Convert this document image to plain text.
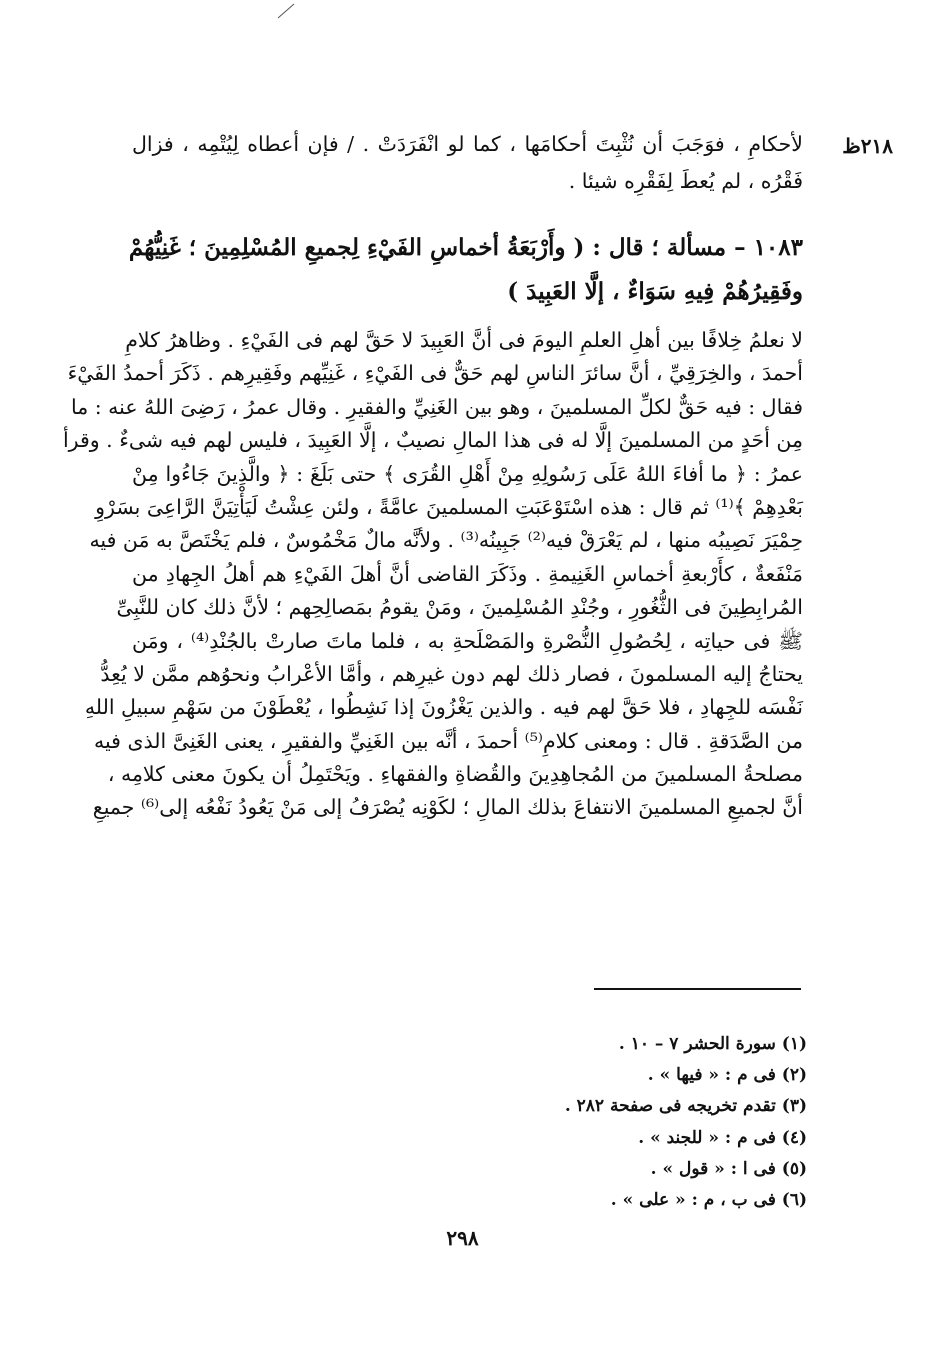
٢١٨ظ
لأحكامِ ، فوَجَبَ أن نُثْبِتَ أحكامَها ، كما لو انْفَرَدَتْ . / فإن أعطاه لِيُتْمِه ، فزال
فَقْرُه ، لم يُعطَ لِفَقْرِه شيئا .
١٠٨٣ – مسألة ؛ قال : ( وأَرْبَعَةُ أخماسِ الفَيْءِ لِجميعِ المُسْلِمِينَ ؛ غَنِيُّهُمْ
وفَقِيرُهُمْ فِيهِ سَوَاءٌ ، إلَّا العَبِيدَ )
لا نعلمُ خِلافًا بين أهلِ العلمِ اليومَ فى أنَّ العَبِيدَ لا حَقَّ لهم فى الفَيْءِ . وظاهرُ كلامِ
أحمدَ ، والخِرَقِيِّ ، أنَّ سائرَ الناسِ لهم حَقٌّ فى الفَيْءِ ، غَنِيِّهم وفَقِيرِهم . ذَكَرَ أحمدُ الفَيْءَ
فقال : فيه حَقٌّ لكلِّ المسلمينَ ، وهو بين الغَنِيِّ والفقيرِ . وقال عمرُ ، رَضِىَ اللهُ عنه : ما
مِن أحَدٍ من المسلمينَ إلَّا له فى هذا المالِ نصيبٌ ، إلَّا العَبِيدَ ، فليس لهم فيه شىءٌ . وقرأ
عمرُ : ﴿ ما أفاءَ اللهُ عَلَى رَسُولِهِ مِنْ أَهْلِ القُرَى ﴾ حتى بَلَغَ : ﴿ والَّذِينَ جَاءُوا مِنْ
بَعْدِهِمْ ﴾⁽¹⁾ ثم قال : هذه اسْتَوْعَبَتِ المسلمينَ عامَّةً ، ولئن عِشْتُ لَيَأْتِيَنَّ الرَّاعِىَ بسَرْوِ
حِمْيَرَ نَصِيبُه منها ، لم يَعْرَقْ فيه⁽²⁾ جَبِينُه⁽³⁾ . ولأنَّه مالٌ مَخْمُوسٌ ، فلم يَخْتَصَّ به مَن فيه
مَنْفَعةٌ ، كأَرْبعةِ أخماسِ الغَنِيمةِ . وذَكَرَ القاضى أنَّ أهلَ الفَيْءِ هم أهلُ الجِهادِ من
المُرابِطِينَ فى الثُّغُورِ ، وجُنْدِ المُسْلِمينَ ، ومَنْ يقومُ بمَصالِحِهم ؛ لأنَّ ذلك كان للنَّبِىِّ
ﷺ فى حياتِه ، لِحُصُولِ النُّصْرةِ والمَصْلَحةِ به ، فلما ماتَ صارتْ بالجُنْدِ⁽⁴⁾ ، ومَن
يحتاجُ إليه المسلمونَ ، فصار ذلك لهم دون غيرِهم ، وأمَّا الأعْرابُ ونحوُهم ممَّن لا يُعِدُّ
نَفْسَه للجِهادِ ، فلا حَقَّ لهم فيه . والذين يَغْزُونَ إذا نَشِطُوا ، يُعْطَوْنَ من سَهْمِ سبيلِ اللهِ
من الصَّدَقةِ . قال : ومعنى كلامِ⁽⁵⁾ أحمدَ ، أنَّه بين الغَنِيِّ والفقيرِ ، يعنى الغَنِىَّ الذى فيه
مصلحةُ المسلمينَ من المُجاهِدِينَ والقُضاةِ والفقهاءِ . ويَحْتَمِلُ أن يكونَ معنى كلامِه ،
أنَّ لجميعِ المسلمينَ الانتفاعَ بذلك المالِ ؛ لكَوْنِه يُصْرَفُ إلى مَنْ يَعُودُ نَفْعُه إلى⁽⁶⁾ جميعِ
(١) سورة الحشر ٧ – ١٠ .
(٢) فى م : « فيها » .
(٣) تقدم تخريجه فى صفحة ٢٨٢ .
(٤) فى م : « للجند » .
(٥) فى ا : « قول » .
(٦) فى ب ، م : « على » .
٢٩٨
